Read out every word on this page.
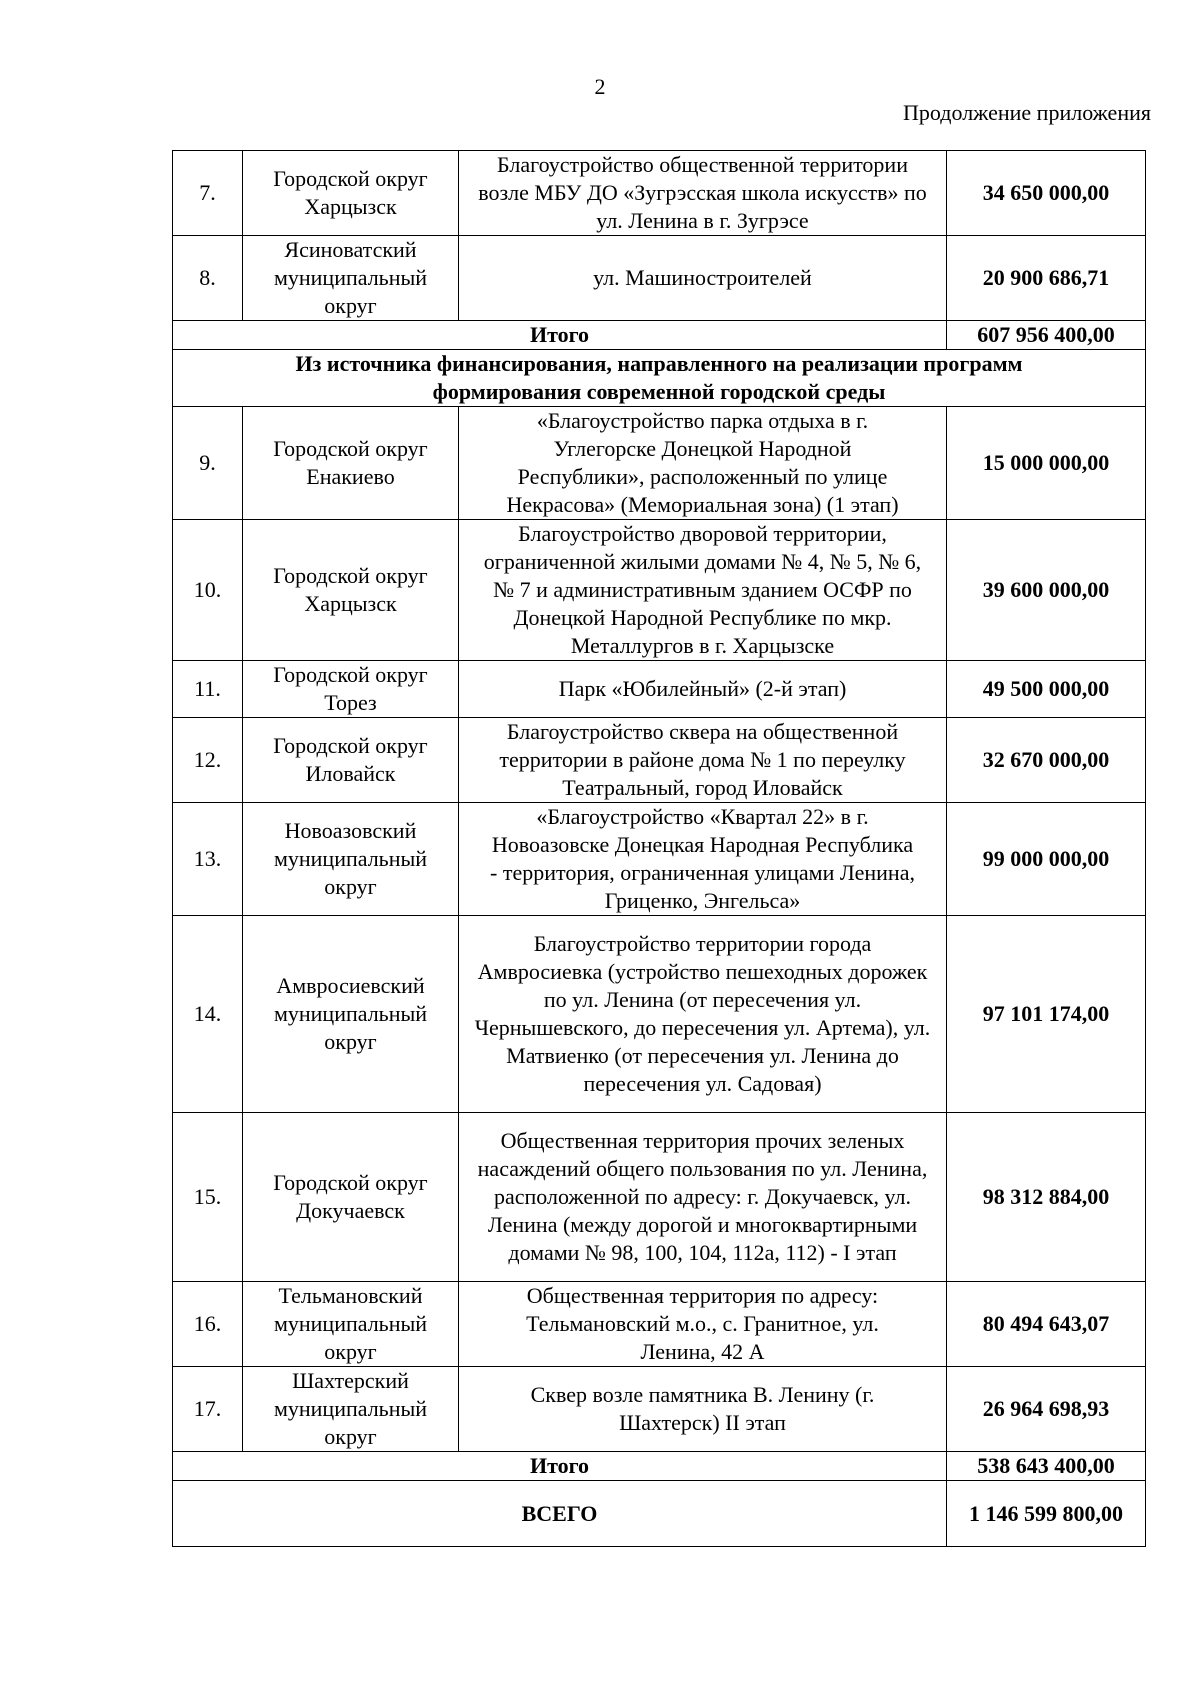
2
Продолжение приложения
7.	Городской округ Харцызск	Благоустройство общественной территории возле МБУ ДО «Зугрэсская школа искусств» по ул. Ленина в г. Зугрэсе	34 650 000,00
8.	Ясиноватский муниципальный округ	ул. Машиностроителей	20 900 686,71
Итого			607 956 400,00
Из источника финансирования, направленного на реализации программ формирования современной городской среды			
9.	Городской округ Енакиево	«Благоустройство парка отдыха в г. Углегорске Донецкой Народной Республики», расположенный по улице Некрасова» (Мемориальная зона) (1 этап)	15 000 000,00
10.	Городской округ Харцызск	Благоустройство дворовой территории, ограниченной жилыми домами № 4, № 5, № 6, № 7 и административным зданием ОСФР по Донецкой Народной Республике по мкр. Металлургов в г. Харцызске	39 600 000,00
11.	Городской округ Торез	Парк «Юбилейный» (2-й этап)	49 500 000,00
12.	Городской округ Иловайск	Благоустройство сквера на общественной территории в районе дома № 1 по переулку Театральный, город Иловайск	32 670 000,00
13.	Новоазовский муниципальный округ	«Благоустройство «Квартал 22» в г. Новоазовске Донецкая Народная Республика - территория, ограниченная улицами Ленина, Гриценко, Энгельса»	99 000 000,00
14.	Амвросиевский муниципальный округ	Благоустройство территории города Амвросиевка (устройство пешеходных дорожек по ул. Ленина (от пересечения ул. Чернышевского, до пересечения ул. Артема), ул. Матвиенко (от пересечения ул. Ленина до пересечения ул. Садовая)	97 101 174,00
15.	Городской округ Докучаевск	Общественная территория прочих зеленых насаждений общего пользования по ул. Ленина, расположенной по адресу: г. Докучаевск, ул. Ленина (между дорогой и многоквартирными домами № 98, 100, 104, 112а, 112) - I этап	98 312 884,00
16.	Тельмановский муниципальный округ	Общественная территория по адресу: Тельмановский м.о., с. Гранитное, ул. Ленина, 42 А	80 494 643,07
17.	Шахтерский муниципальный округ	Сквер возле памятника В. Ленину (г. Шахтерск) II этап	26 964 698,93
Итого			538 643 400,00
ВСЕГО			1 146 599 800,00
